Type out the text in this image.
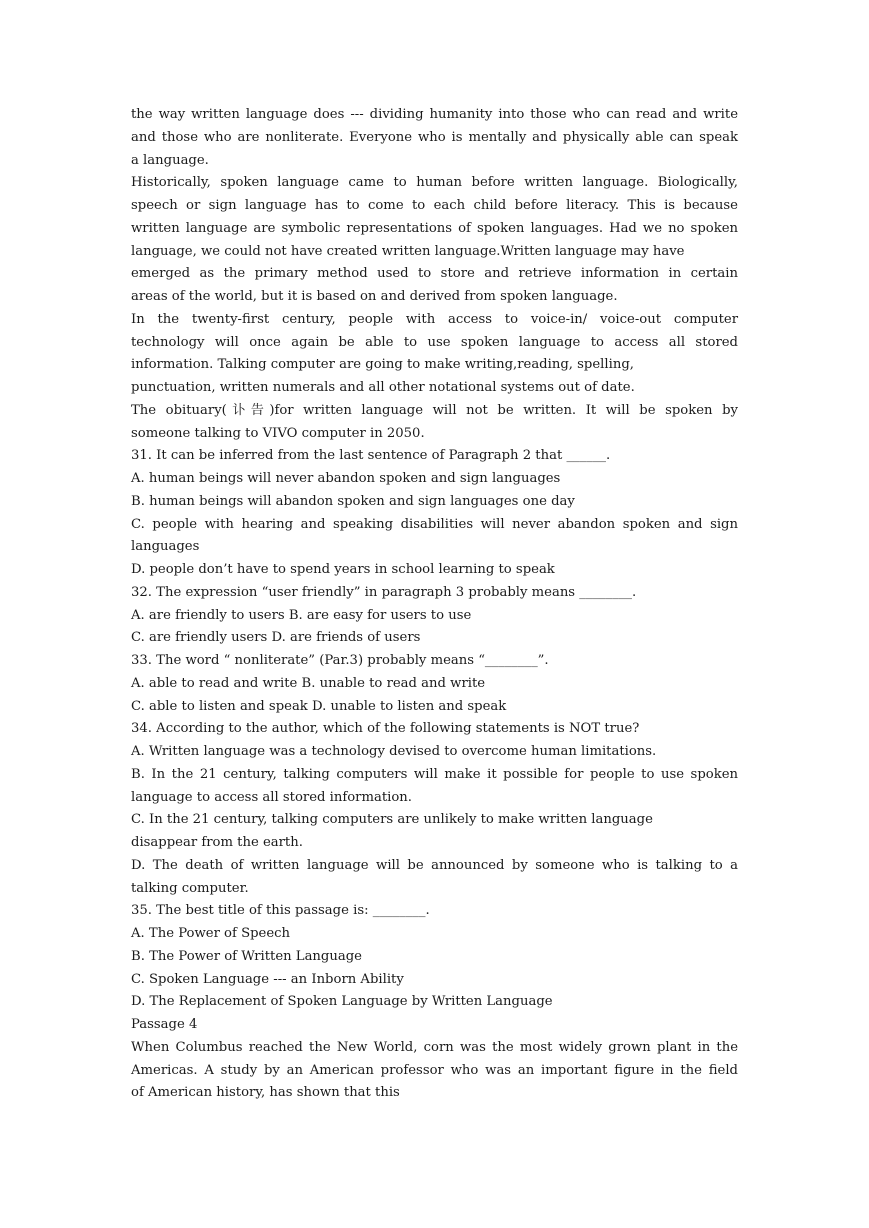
the way written language does --- dividing humanity into those who can read and write
and those who are nonliterate. Everyone who is mentally and physically able can speak
a language.
Historically, spoken language came to human before written language. Biologically,
speech or sign language has to come to each child before literacy. This is because
written language are symbolic representations of spoken languages. Had we no spoken
language, we could not have created written language.Written language may have
emerged as the primary method used to store and retrieve information in certain
areas of the world, but it is based on and derived from spoken language.
In the twenty-first century, people with access to voice-in/ voice-out computer
technology will once again be able to use spoken language to access all stored
information. Talking computer are going to make writing,reading, spelling,
punctuation, written numerals and all other notational systems out of date.
The obituary(讣告)for written language will not be written. It will be spoken by
someone talking to VIVO computer in 2050.
31. It can be inferred from the last sentence of Paragraph 2 that ______.
A. human beings will never abandon spoken and sign languages
B. human beings will abandon spoken and sign languages one day
C. people with hearing and speaking disabilities will never abandon spoken and sign
languages
D. people don’t have to spend years in school learning to speak
32. The expression “user friendly” in paragraph 3 probably means ________.
A. are friendly to users B. are easy for users to use
C. are friendly users D. are friends of users
33. The word “ nonliterate” (Par.3) probably means “________”.
A. able to read and write B. unable to read and write
C. able to listen and speak D. unable to listen and speak
34. According to the author, which of the following statements is NOT true?
A. Written language was a technology devised to overcome human limitations.
B. In the 21 century, talking computers will make it possible for people to use spoken
language to access all stored information.
C. In the 21 century, talking computers are unlikely to make written language
disappear from the earth.
D. The death of written language will be announced by someone who is talking to a
talking computer.
35. The best title of this passage is: ________.
A. The Power of Speech
B. The Power of Written Language
C. Spoken Language --- an Inborn Ability
D. The Replacement of Spoken Language by Written Language
Passage 4
When Columbus reached the New World, corn was the most widely grown plant in the
Americas. A study by an American professor who was an important figure in the field
of American history, has shown that this
